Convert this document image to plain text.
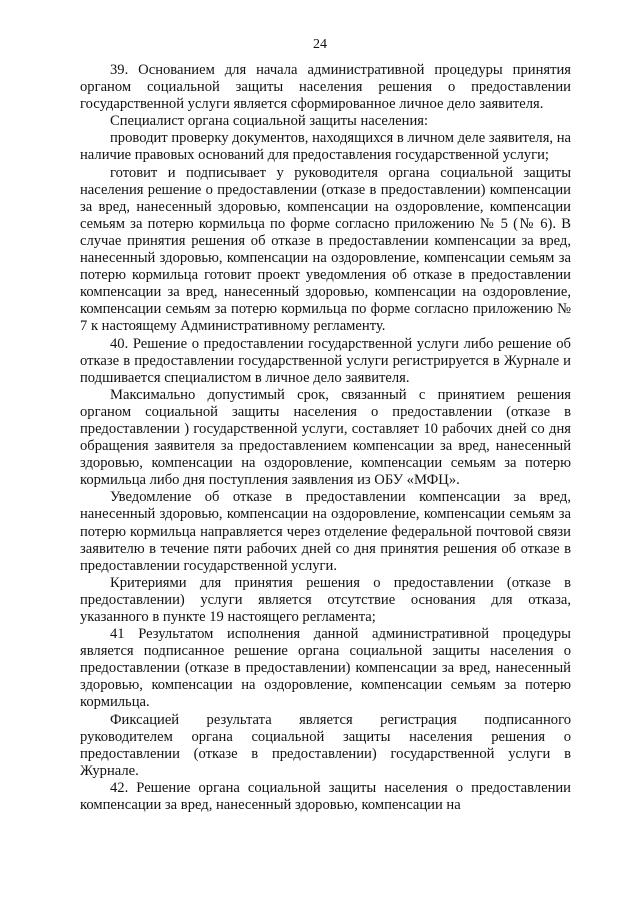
24

39. Основанием для начала административной процедуры принятия органом социальной защиты населения решения о предоставлении государственной услуги является сформированное личное дело заявителя.

Специалист органа социальной защиты населения:

проводит проверку документов, находящихся в личном деле заявителя, на наличие правовых оснований для предоставления государственной услуги;

готовит и подписывает у руководителя органа социальной защиты населения решение о предоставлении (отказе в предоставлении) компенсации за вред, нанесенный здоровью, компенсации на оздоровление, компенсации семьям за потерю кормильца по форме согласно приложению № 5 (№ 6). В случае принятия решения об отказе в предоставлении компенсации за вред, нанесенный здоровью, компенсации на оздоровление, компенсации семьям за потерю кормильца готовит проект уведомления об отказе в предоставлении компенсации за вред, нанесенный здоровью, компенсации на оздоровление, компенсации семьям за потерю кормильца по форме согласно приложению № 7 к настоящему Административному регламенту.

40. Решение о предоставлении государственной услуги либо решение об отказе в предоставлении государственной услуги регистрируется в Журнале и подшивается специалистом в личное дело заявителя.

Максимально допустимый срок, связанный с принятием решения органом социальной защиты населения о предоставлении (отказе в предоставлении ) государственной услуги, составляет 10 рабочих дней со дня обращения заявителя за предоставлением компенсации за вред, нанесенный здоровью, компенсации на оздоровление, компенсации семьям за потерю кормильца либо дня поступления заявления из ОБУ «МФЦ».

Уведомление об отказе в предоставлении компенсации за вред, нанесенный здоровью, компенсации на оздоровление, компенсации семьям за потерю кормильца направляется через отделение федеральной почтовой связи заявителю в течение пяти рабочих дней со дня принятия решения об отказе в предоставлении государственной услуги.

Критериями для принятия решения о предоставлении (отказе в предоставлении) услуги является отсутствие основания для отказа, указанного в пункте 19 настоящего регламента;

41 Результатом исполнения данной административной процедуры является подписанное решение органа социальной защиты населения о предоставлении (отказе в предоставлении) компенсации за вред, нанесенный здоровью, компенсации на оздоровление, компенсации семьям за потерю кормильца.

Фиксацией результата является регистрация подписанного руководителем органа социальной защиты населения решения о предоставлении (отказе в предоставлении) государственной услуги в Журнале.

42. Решение органа социальной защиты населения о предоставлении компенсации за вред, нанесенный здоровью, компенсации на
